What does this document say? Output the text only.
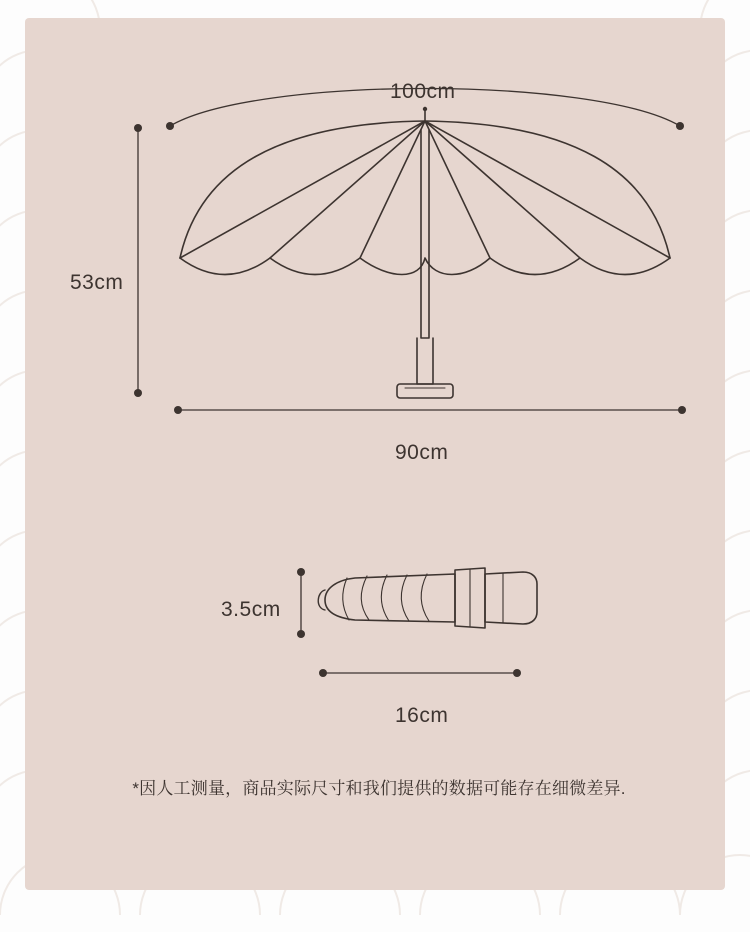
100cm
53cm
90cm
3.5cm
16cm
*因人工测量，商品实际尺寸和我们提供的数据可能存在细微差异.
